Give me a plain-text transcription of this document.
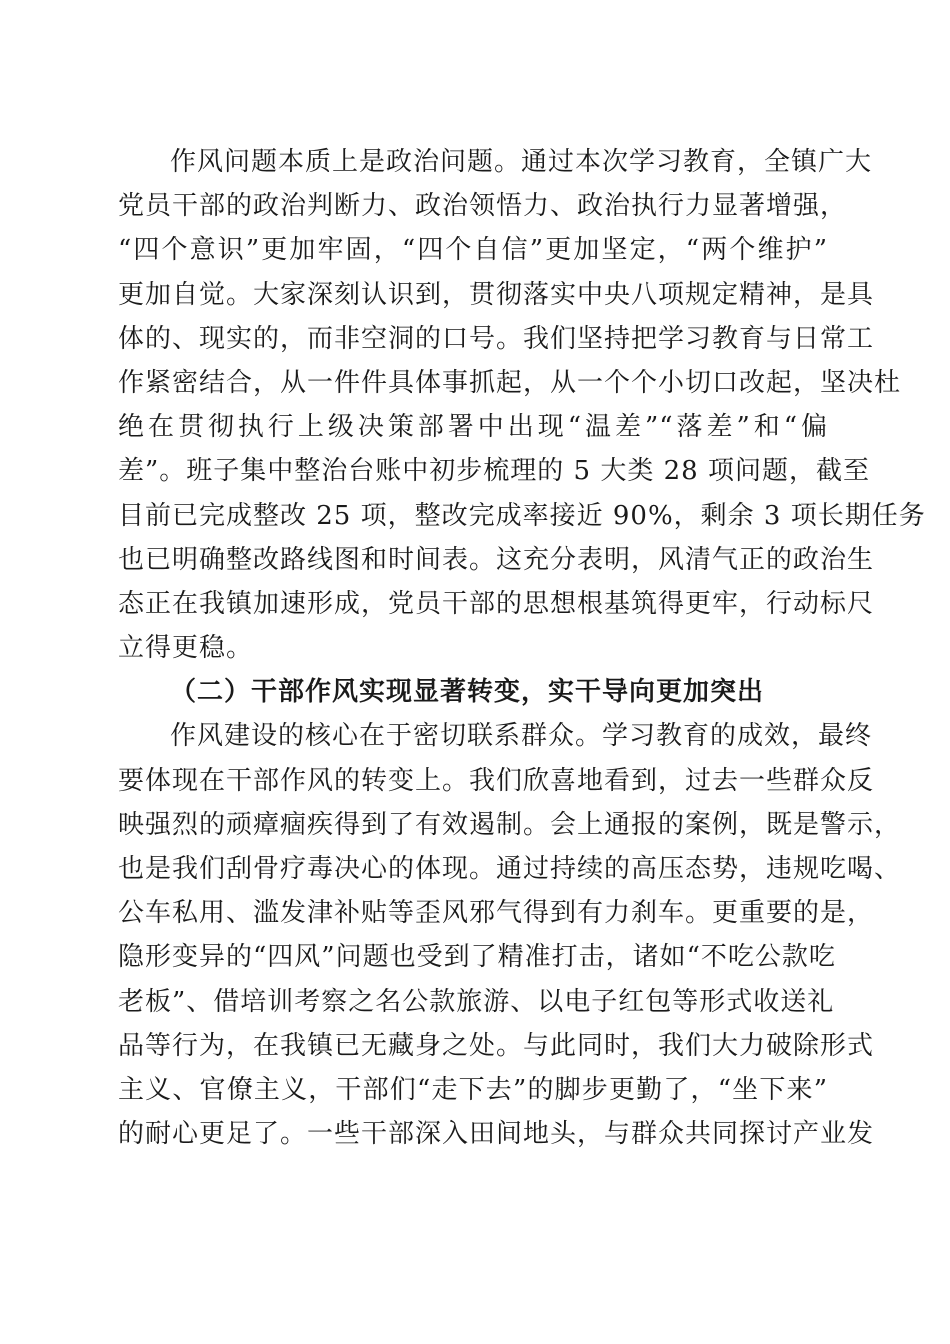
作风问题本质上是政治问题。通过本次学习教育，全镇广大
党员干部的政治判断力、政治领悟力、政治执行力显著增强，
“四个意识”更加牢固，“四个自信”更加坚定，“两个维护”
更加自觉。大家深刻认识到，贯彻落实中央八项规定精神，是具
体的、现实的，而非空洞的口号。我们坚持把学习教育与日常工
作紧密结合，从一件件具体事抓起，从一个个小切口改起，坚决杜
绝在贯彻执行上级决策部署中出现“温差”“落差”和“偏
差”。班子集中整治台账中初步梳理的 5 大类 28 项问题，截至
目前已完成整改 25 项，整改完成率接近 90%，剩余 3 项长期任务
也已明确整改路线图和时间表。这充分表明，风清气正的政治生
态正在我镇加速形成，党员干部的思想根基筑得更牢，行动标尺
立得更稳。
（二）干部作风实现显著转变，实干导向更加突出
作风建设的核心在于密切联系群众。学习教育的成效，最终
要体现在干部作风的转变上。我们欣喜地看到，过去一些群众反
映强烈的顽瘴痼疾得到了有效遏制。会上通报的案例，既是警示，
也是我们刮骨疗毒决心的体现。通过持续的高压态势，违规吃喝、
公车私用、滥发津补贴等歪风邪气得到有力刹车。更重要的是，
隐形变异的“四风”问题也受到了精准打击，诸如“不吃公款吃
老板”、借培训考察之名公款旅游、以电子红包等形式收送礼
品等行为，在我镇已无藏身之处。与此同时，我们大力破除形式
主义、官僚主义，干部们“走下去”的脚步更勤了，“坐下来”
的耐心更足了。一些干部深入田间地头，与群众共同探讨产业发
